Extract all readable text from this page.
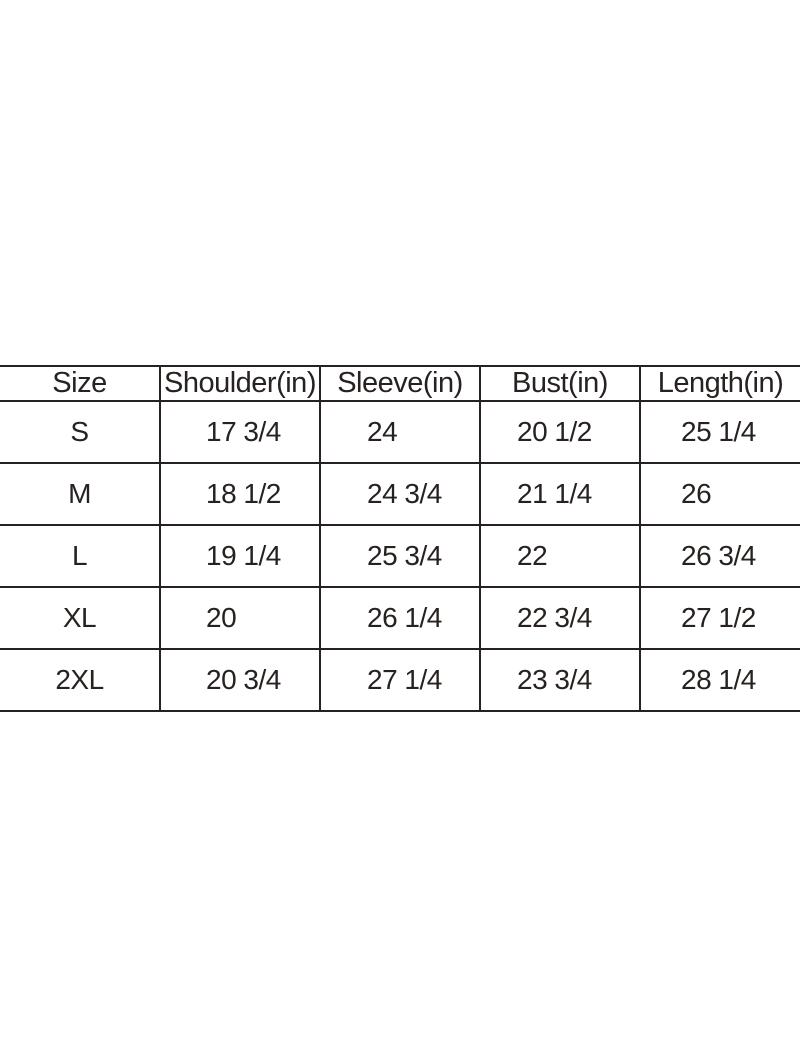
Size	Shoulder(in)	Sleeve(in)	Bust(in)	Length(in)
S	17 3/4	24	20 1/2	25 1/4
M	18 1/2	24 3/4	21 1/4	26
L	19 1/4	25 3/4	22	26 3/4
XL	20	26 1/4	22 3/4	27 1/2
2XL	20 3/4	27 1/4	23 3/4	28 1/4
